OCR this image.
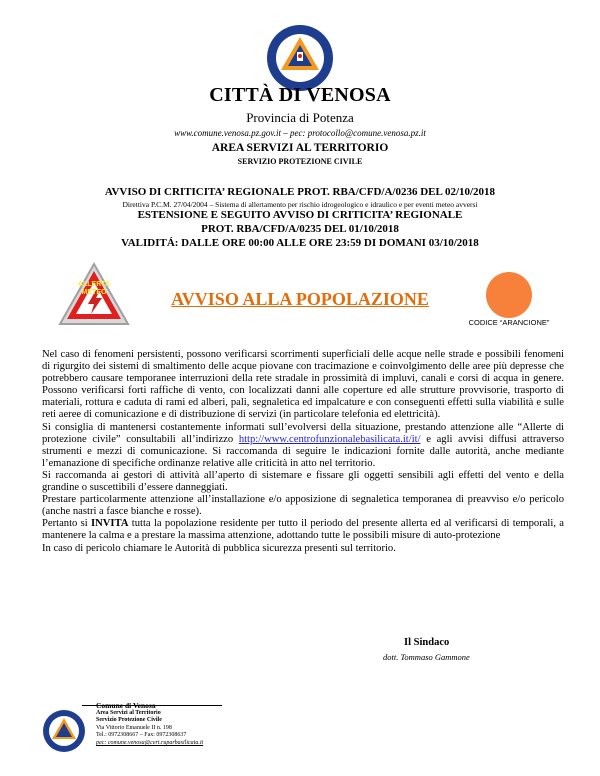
CITTÀ DI VENOSA
Provincia di Potenza
www.comune.venosa.pz.gov.it – pec: protocollo@comune.venosa.pz.it
AREA SERVIZI AL TERRITORIO
SERVIZIO PROTEZIONE CIVILE
AVVISO DI CRITICITA’ REGIONALE PROT. RBA/CFD/A/0236 DEL 02/10/2018
Direttiva P.C.M. 27/04/2004 – Sistema di allertamento per rischio idrogeologico e idraulico e per eventi meteo avversi
ESTENSIONE E SEGUITO AVVISO DI CRITICITA’ REGIONALE
PROT. RBA/CFD/A/0235 DEL 01/10/2018
VALIDITÁ: DALLE ORE 00:00 ALLE ORE 23:59 DI DOMANI 03/10/2018
ALLERTA
METEO	AVVISO ALLA POPOLAZIONE
CODICE “ARANCIONE”

Nel caso di fenomeni persistenti, possono verificarsi scorrimenti superficiali delle acque nelle strade e possibili fenomeni di rigurgito dei sistemi di smaltimento delle acque piovane con tracimazione e coinvolgimento delle aree più depresse che potrebbero causare temporanee interruzioni della rete stradale in prossimità di impluvi, canali e corsi di acqua in genere. Possono verificarsi forti raffiche di vento, con localizzati danni alle coperture ed alle strutture provvisorie, trasporto di materiali, rottura e caduta di rami ed alberi, pali, segnaletica ed impalcature e con conseguenti effetti sulla viabilità e sulle reti aeree di comunicazione e di distribuzione di servizi (in particolare telefonia ed elettricità).

Si consiglia di mantenersi costantemente informati sull’evolversi della situazione, prestando attenzione alle “Allerte di protezione civile” consultabili all’indirizzo http://www.centrofunzionalebasilicata.it/it/ e agli avvisi diffusi attraverso strumenti e mezzi di comunicazione. Si raccomanda di seguire le indicazioni fornite dalle autorità, anche mediante l’emanazione di specifiche ordinanze relative alle criticità in atto nel territorio.

Si raccomanda ai gestori di attività all’aperto di sistemare e fissare gli oggetti sensibili agli effetti del vento e della grandine o suscettibili d’essere danneggiati.

Prestare particolarmente attenzione all’installazione e/o apposizione di segnaletica temporanea di preavviso e/o pericolo (anche nastri a fasce bianche e rosse).

Pertanto si INVITA tutta la popolazione residente per tutto il periodo del presente allerta ed al verificarsi di temporali, a mantenere la calma e a prestare la massima attenzione, adottando tutte le possibili misure di auto-protezione

In caso di pericolo chiamare le Autorità di pubblica sicurezza presenti sul territorio.

Il Sindaco
dott. Tommaso Gammone
Comune di Venosa
Area Servizi al Territorio
Servizio Protezione Civile
Via Vittorio Emanuele II n. 198
Tel.: 0972308667 – Fax: 0972308637
pec: comune.venosa@cert.ruparbasilicata.it
